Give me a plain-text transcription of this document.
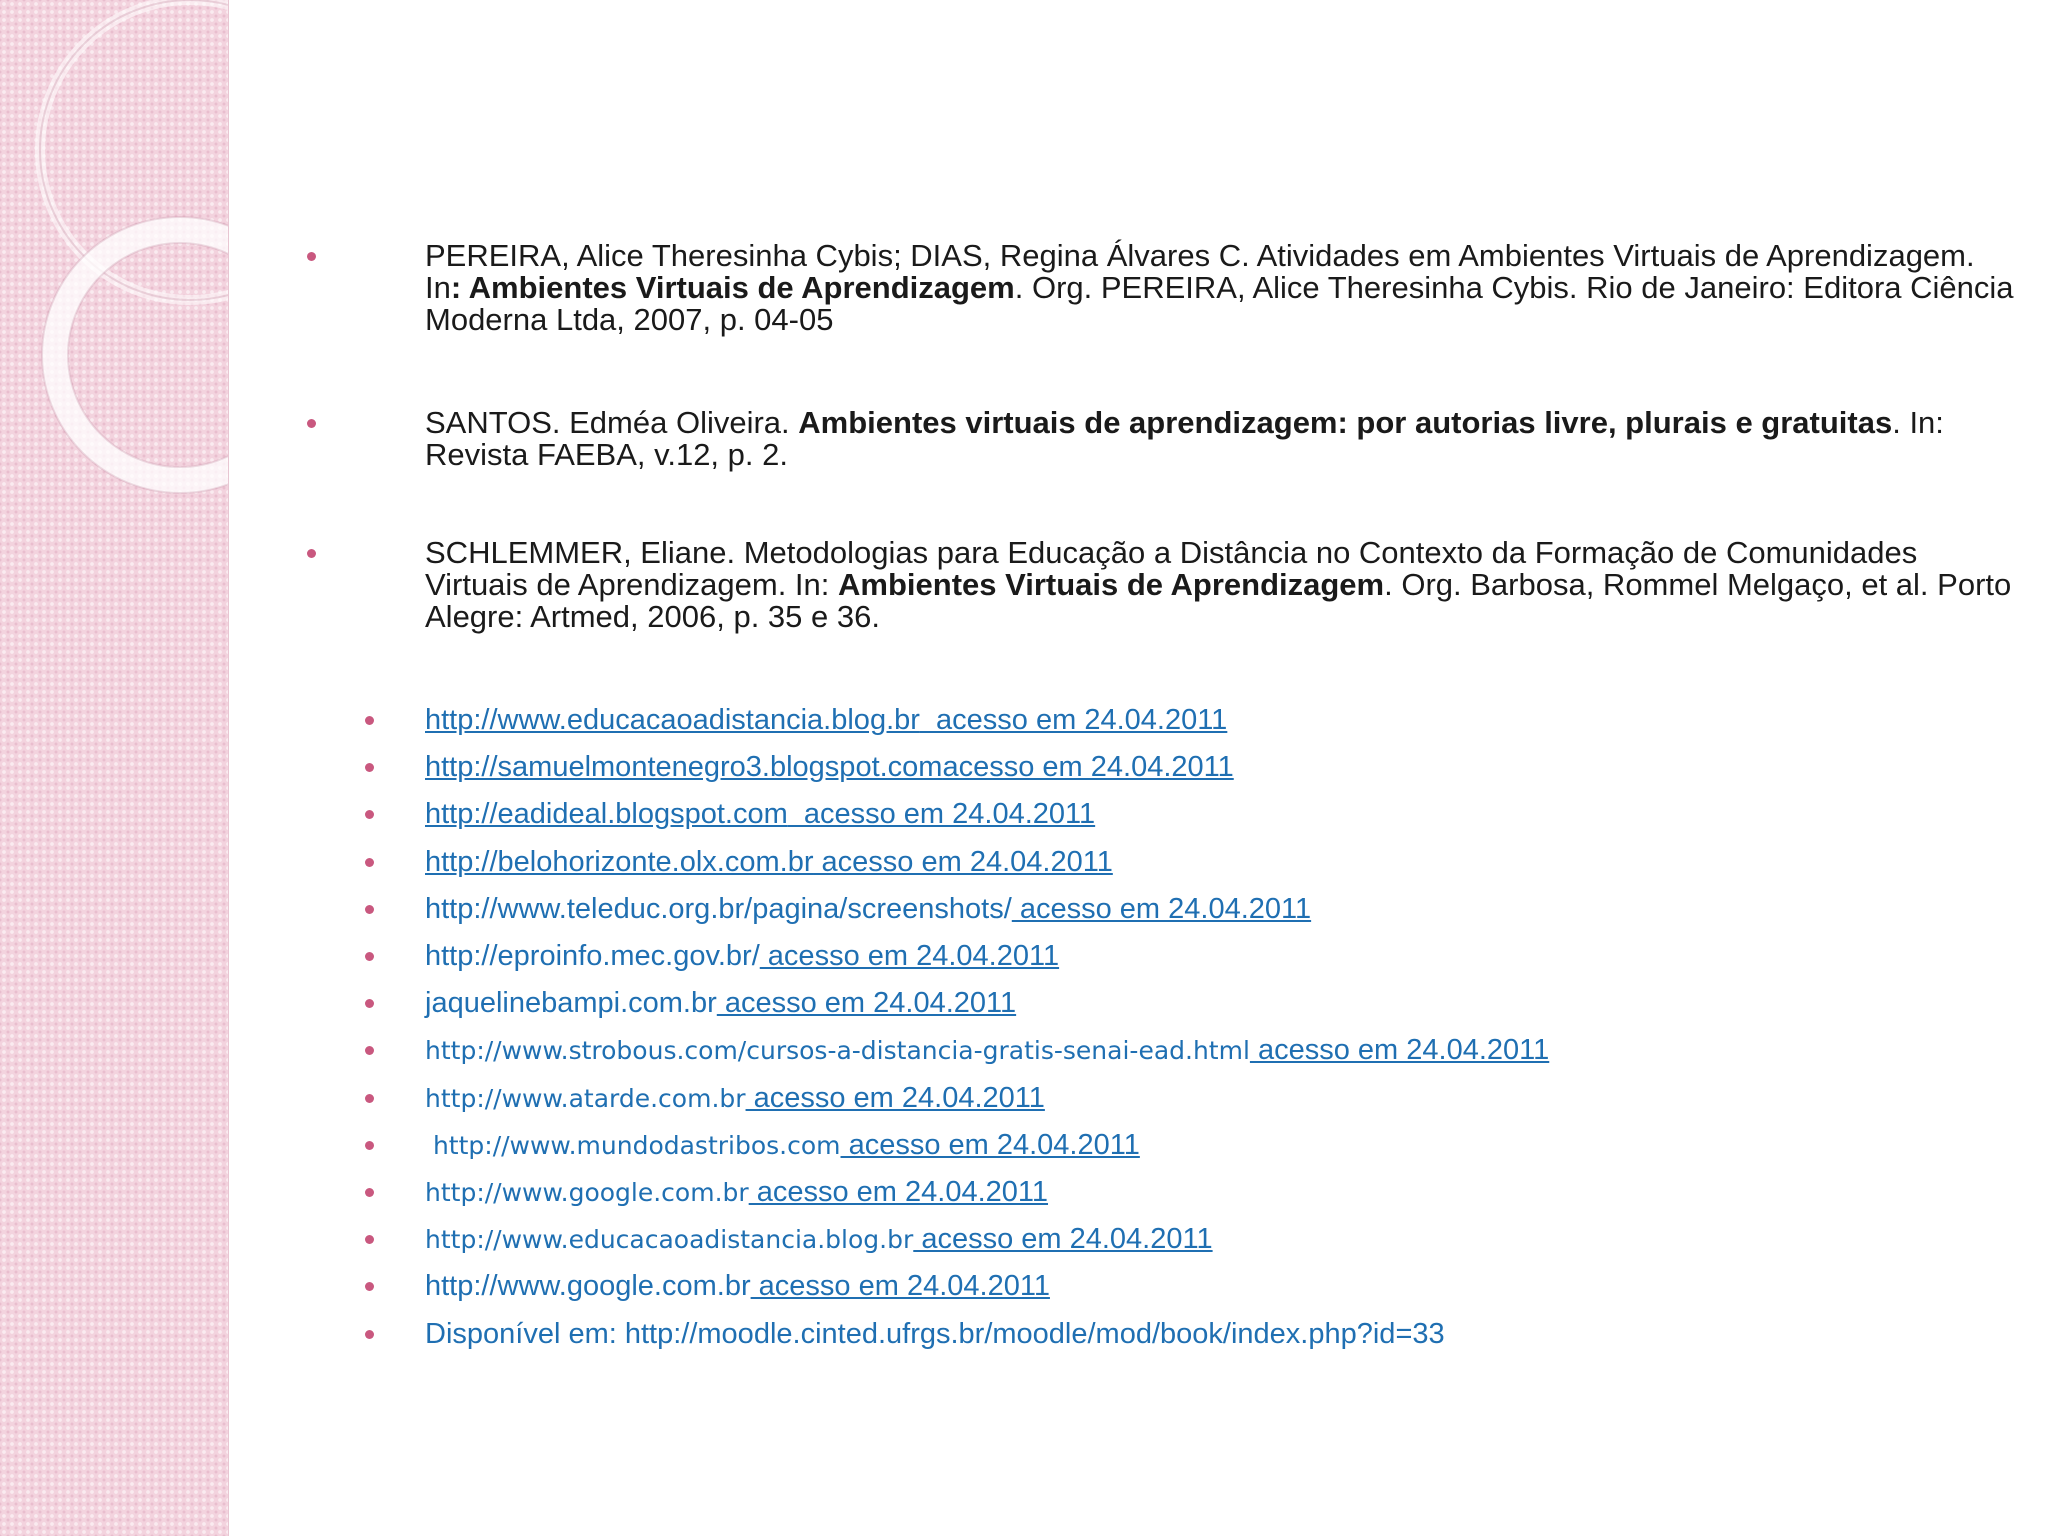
PEREIRA, Alice Theresinha Cybis; DIAS, Regina Álvares C. Atividades em Ambientes Virtuais de Aprendizagem. In: Ambientes Virtuais de Aprendizagem. Org. PEREIRA, Alice Theresinha Cybis. Rio de Janeiro: Editora Ciência Moderna Ltda, 2007, p. 04-05
SANTOS. Edméa Oliveira. Ambientes virtuais de aprendizagem: por autorias livre, plurais e gratuitas. In: Revista FAEBA, v.12, p. 2.
SCHLEMMER, Eliane. Metodologias para Educação a Distância no Contexto da Formação de Comunidades Virtuais de Aprendizagem. In: Ambientes Virtuais de Aprendizagem. Org. Barbosa, Rommel Melgaço, et al. Porto Alegre: Artmed, 2006, p. 35 e 36.
http://www.educacaoadistancia.blog.br  acesso em 24.04.2011
http://samuelmontenegro3.blogspot.comacesso em 24.04.2011
http://eadideal.blogspot.com  acesso em 24.04.2011
http://belohorizonte.olx.com.br acesso em 24.04.2011
http://www.teleduc.org.br/pagina/screenshots/ acesso em 24.04.2011
http://eproinfo.mec.gov.br/ acesso em 24.04.2011
jaquelinebampi.com.br acesso em 24.04.2011
http://www.strobous.com/cursos-a-distancia-gratis-senai-ead.html acesso em 24.04.2011
http://www.atarde.com.br acesso em 24.04.2011
http://www.mundodastribos.com acesso em 24.04.2011
http://www.google.com.br acesso em 24.04.2011
http://www.educacaoadistancia.blog.br acesso em 24.04.2011
http://www.google.com.br acesso em 24.04.2011
Disponível em: http://moodle.cinted.ufrgs.br/moodle/mod/book/index.php?id=33
